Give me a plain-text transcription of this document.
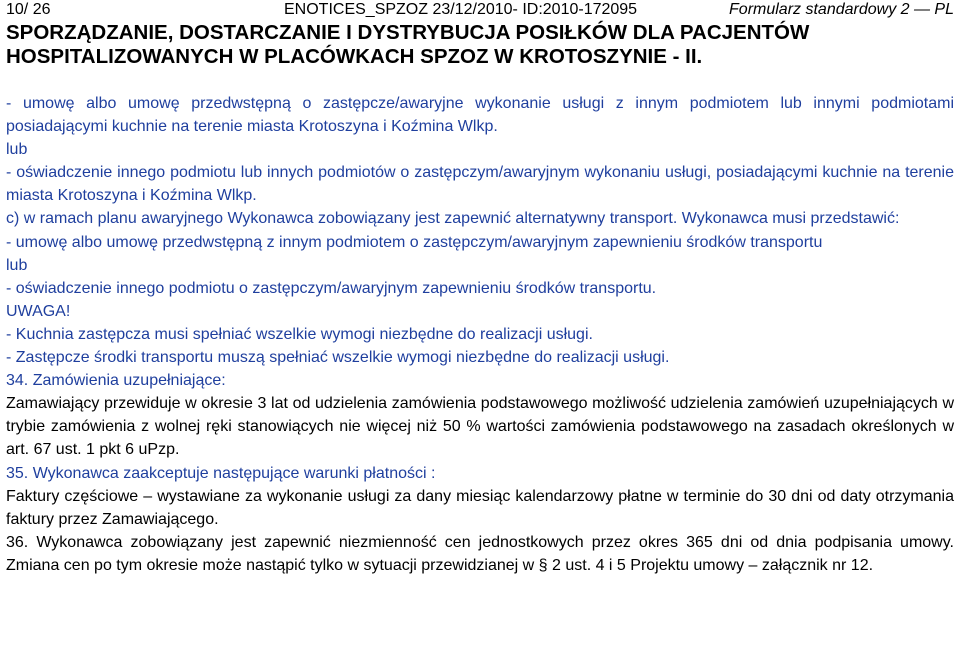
10/ 26	ENOTICES_SPZOZ 23/12/2010- ID:2010-172095	Formularz standardowy 2 — PL
SPORZĄDZANIE, DOSTARCZANIE I DYSTRYBUCJA POSIŁKÓW DLA PACJENTÓW
HOSPITALIZOWANYCH W PLACÓWKACH SPZOZ W KROTOSZYNIE - II.

- umowę albo umowę przedwstępną o zastępcze/awaryjne wykonanie usługi z innym podmiotem lub innymi podmiotami posiadającymi kuchnie na terenie miasta Krotoszyna i Koźmina Wlkp.

lub

- oświadczenie innego podmiotu lub innych podmiotów o zastępczym/awaryjnym wykonaniu usługi, posiadającymi kuchnie na terenie miasta Krotoszyna i Koźmina Wlkp.

c) w ramach planu awaryjnego Wykonawca zobowiązany jest zapewnić alternatywny transport. Wykonawca musi przedstawić:

- umowę albo umowę przedwstępną z innym podmiotem o zastępczym/awaryjnym zapewnieniu środków transportu

lub

- oświadczenie innego podmiotu o zastępczym/awaryjnym zapewnieniu środków transportu.

UWAGA!

- Kuchnia zastępcza musi spełniać wszelkie wymogi niezbędne do realizacji usługi.

- Zastępcze środki transportu muszą spełniać wszelkie wymogi niezbędne do realizacji usługi.

34. Zamówienia uzupełniające:

Zamawiający przewiduje w okresie 3 lat od udzielenia zamówienia podstawowego możliwość udzielenia zamówień uzupełniających w trybie zamówienia z wolnej ręki stanowiących nie więcej niż 50 % wartości zamówienia podstawowego na zasadach określonych w art. 67 ust. 1 pkt 6 uPzp.

35. Wykonawca zaakceptuje następujące warunki płatności :

Faktury częściowe – wystawiane za wykonanie usługi za dany miesiąc kalendarzowy płatne w terminie do 30 dni od daty otrzymania faktury przez Zamawiającego.

36. Wykonawca zobowiązany jest zapewnić niezmienność cen jednostkowych przez okres 365 dni od dnia podpisania umowy. Zmiana cen po tym okresie może nastąpić tylko w sytuacji przewidzianej w § 2 ust. 4 i 5 Projektu umowy – załącznik nr 12.
